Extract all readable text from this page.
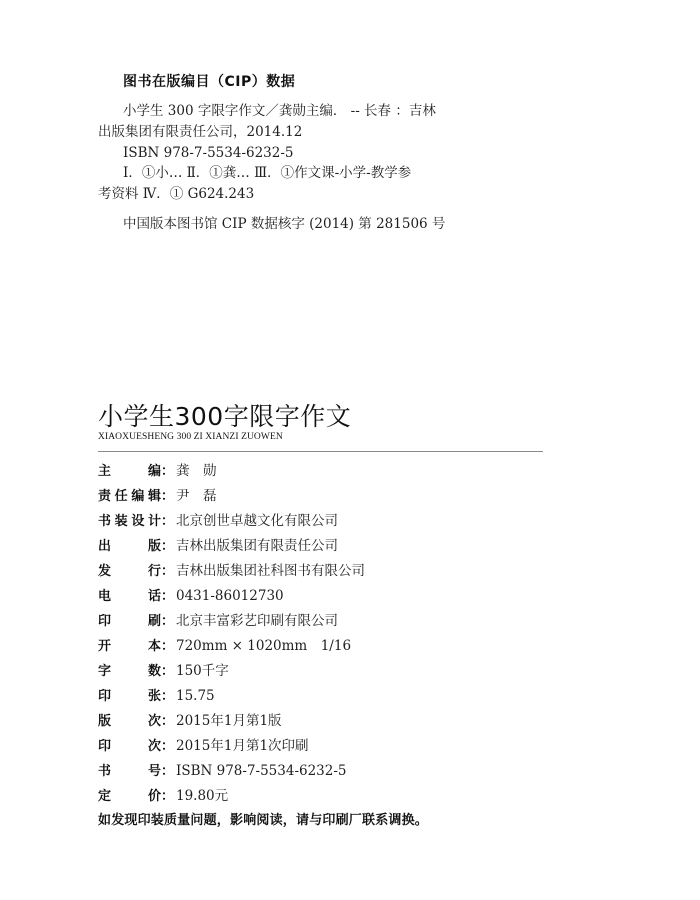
图书在版编目（CIP）数据
小学生 300 字限字作文／龚勋主编． -- 长春 ：吉林
出版集团有限责任公司，2014.12
ISBN 978-7-5534-6232-5
Ⅰ．①小… Ⅱ．①龚… Ⅲ．①作文课-小学-教学参
考资料 Ⅳ．① G624.243
中国版本图书馆 CIP 数据核字 (2014) 第 281506 号
小学生300字限字作文
XIAOXUESHENG 300 ZI XIANZI ZUOWEN
主	编： 龚　勋
责 任 编 辑： 尹　磊
书 装 设 计： 北京创世卓越文化有限公司
出	版： 吉林出版集团有限责任公司
发	行： 吉林出版集团社科图书有限公司
电	话： 0431-86012730
印	刷： 北京丰富彩艺印刷有限公司
开	本： 720mm × 1020mm　1/16
字	数： 150千字
印	张： 15.75
版	次： 2015年1月第1版
印	次： 2015年1月第1次印刷
书	号： ISBN 978-7-5534-6232-5
定	价： 19.80元
如发现印装质量问题，影响阅读，请与印刷厂联系调换。
